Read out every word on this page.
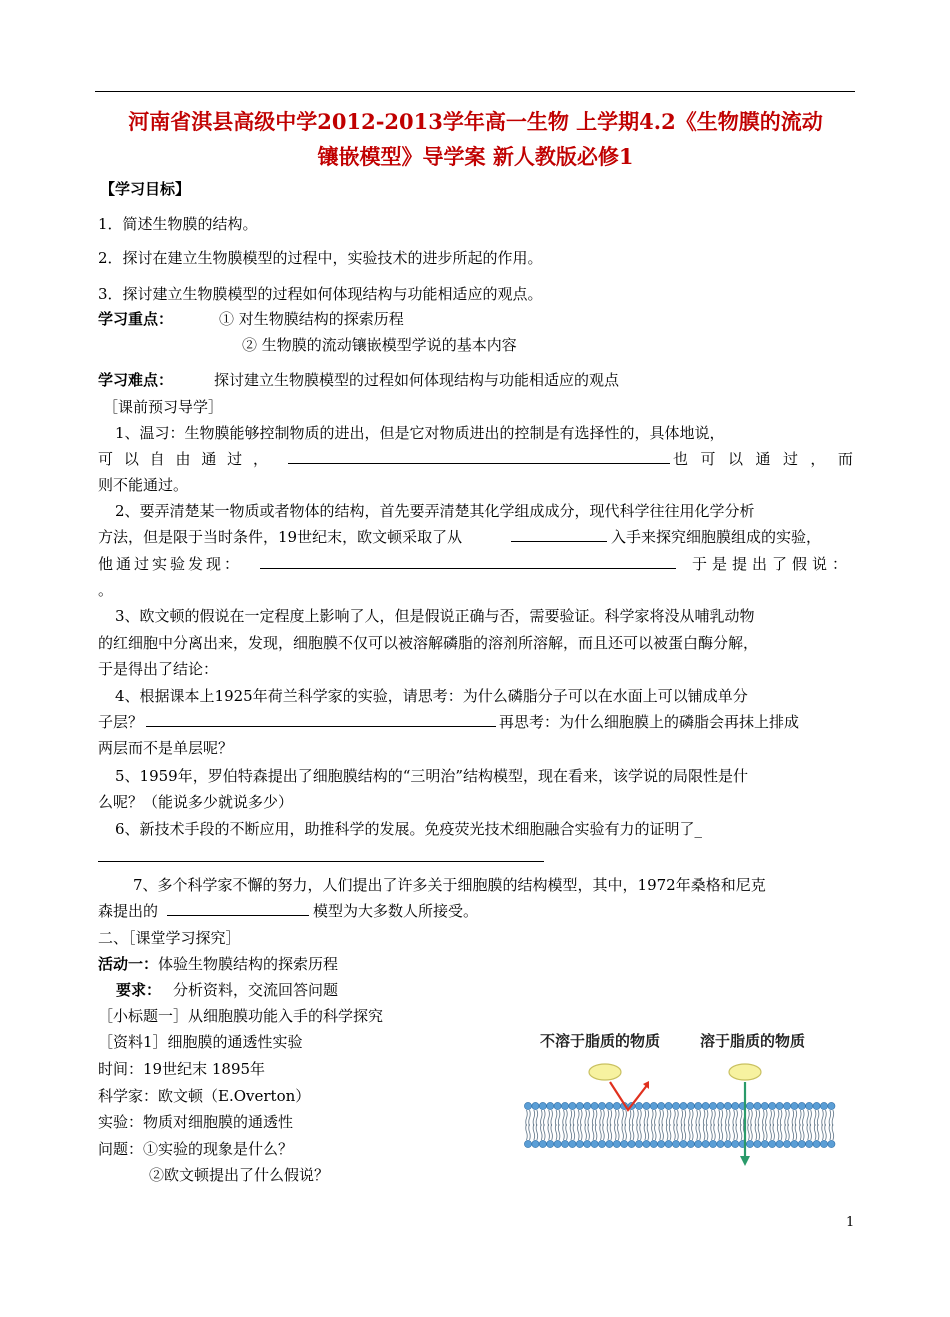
河南省淇县高级中学2012-2013学年高一生物 上学期4.2《生物膜的流动
镶嵌模型》导学案 新人教版必修1
【学习目标】
1．简述生物膜的结构。
2．探讨在建立生物膜模型的过程中，实验技术的进步所起的作用。
3．探讨建立生物膜模型的过程如何体现结构与功能相适应的观点。
学习重点：	① 对生物膜结构的探索历程
② 生物膜的流动镶嵌模型学说的基本内容
学习难点：	探讨建立生物膜模型的过程如何体现结构与功能相适应的观点
［课前预习导学］
1、温习：生物膜能够控制物质的进出，但是它对物质进出的控制是有选择性的，具体地说，
可 以 自 由 通 过 ，	也 可 以 通 过 ， 而
则不能通过。
2、要弄清楚某一物质或者物体的结构，首先要弄清楚其化学组成成分，现代科学往往用化学分析
方法，但是限于当时条件，19世纪末，欧文顿采取了从	入手来探究细胞膜组成的实验，
他通过实验发现：	于是提出了假说：
。
3、欧文顿的假说在一定程度上影响了人，但是假说正确与否，需要验证。科学家将没从哺乳动物
的红细胞中分离出来，发现，细胞膜不仅可以被溶解磷脂的溶剂所溶解，而且还可以被蛋白酶分解，
于是得出了结论：
4、根据课本上1925年荷兰科学家的实验，请思考：为什么磷脂分子可以在水面上可以铺成单分
子层？	再思考：为什么细胞膜上的磷脂会再抹上排成
两层而不是单层呢？
5、1959年，罗伯特森提出了细胞膜结构的“三明治”结构模型，现在看来，该学说的局限性是什
么呢？（能说多少就说多少）
6、新技术手段的不断应用，助推科学的发展。免疫荧光技术细胞融合实验有力的证明了_
7、多个科学家不懈的努力，人们提出了许多关于细胞膜的结构模型，其中，1972年桑格和尼克
森提出的	模型为大多数人所接受。
二、［课堂学习探究］
活动一：体验生物膜结构的探索历程
要求： 分析资料，交流回答问题
［小标题一］从细胞膜功能入手的科学探究
［资料1］细胞膜的通透性实验
时间：19世纪末 1895年
科学家：欧文顿（E.Overton）
实验：物质对细胞膜的通透性
问题：①实验的现象是什么？
②欧文顿提出了什么假说？
不溶于脂质的物质	溶于脂质的物质
1
